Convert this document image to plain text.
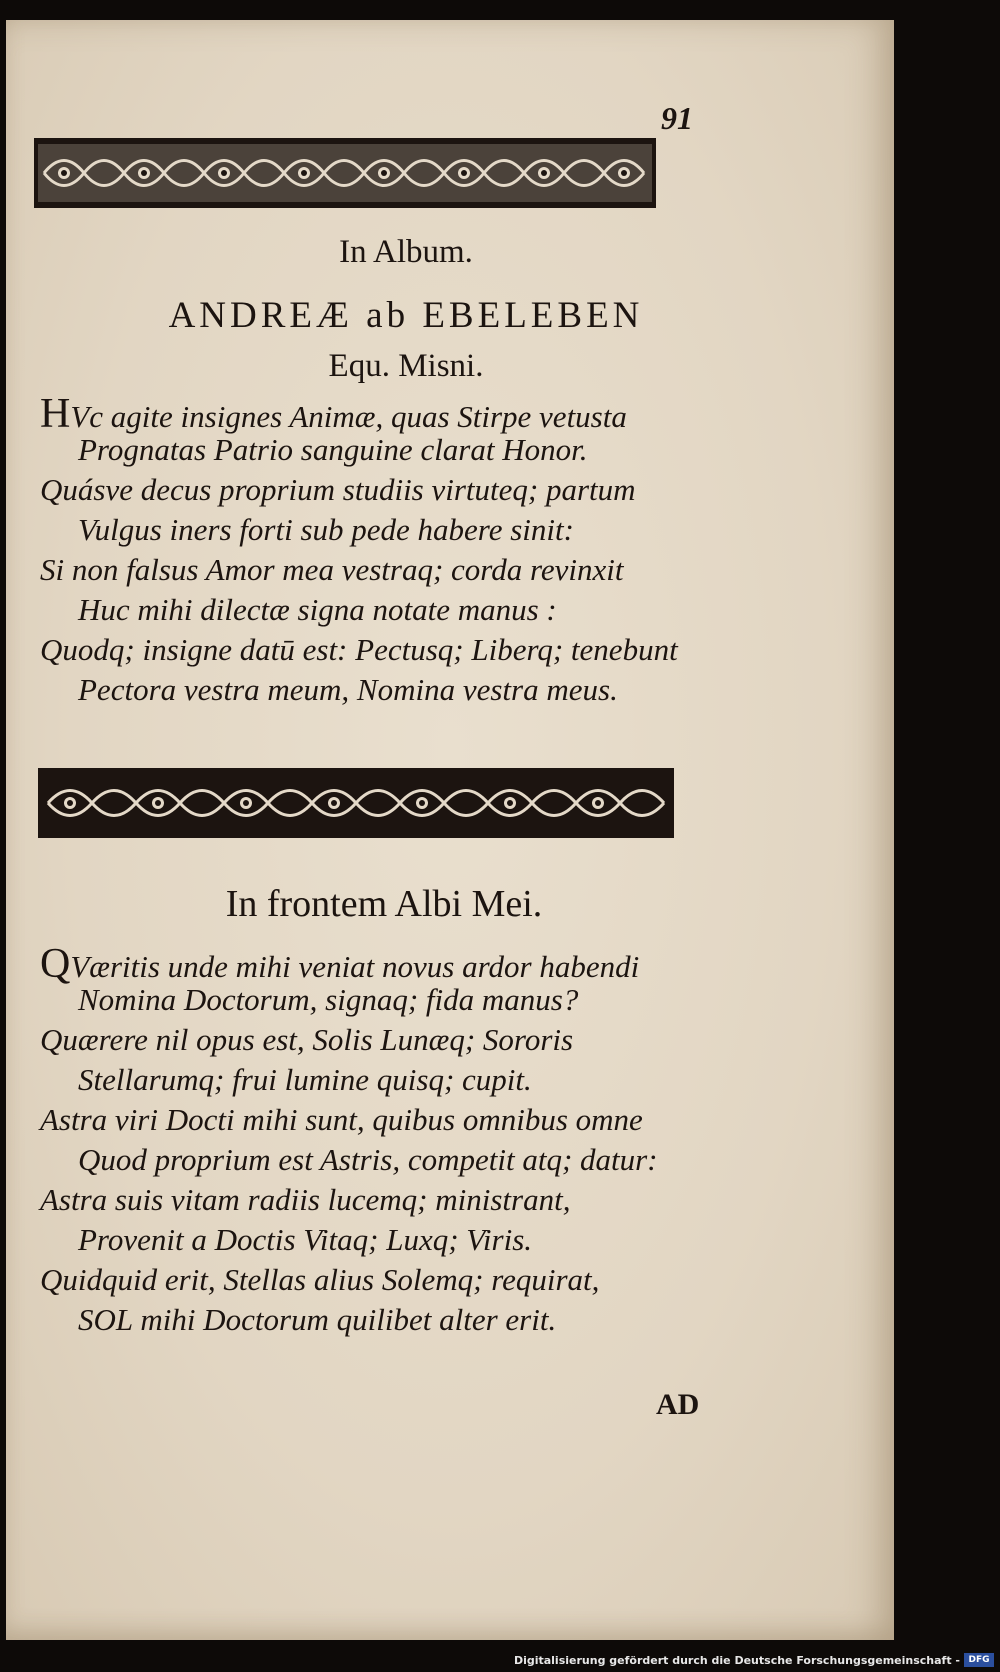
91
In Album.
ANDREÆ ab EBELEBEN
Equ. Misni.
HVc agite insignes Animæ, quas Stirpe vetusta
Prognatas Patrio sanguine clarat Honor.
Quásve decus proprium studiis virtuteq; partum
Vulgus iners forti sub pede habere sinit:
Si non falsus Amor mea vestraq; corda revinxit
Huc mihi dilectæ signa notate manus :
Quodq; insigne datū est: Pectusq; Liberq; tenebunt
Pectora vestra meum, Nomina vestra meus.
In frontem Albi Mei.
QVæritis unde mihi veniat novus ardor habendi
Nomina Doctorum, signaq; fida manus?
Quærere nil opus est, Solis Lunæq; Sororis
Stellarumq; frui lumine quisq; cupit.
Astra viri Docti mihi sunt, quibus omnibus omne
Quod proprium est Astris, competit atq; datur:
Astra suis vitam radiis lucemq; ministrant,
Provenit a Doctis Vitaq; Luxq; Viris.
Quidquid erit, Stellas alius Solemq; requirat,
SOL mihi Doctorum quilibet alter erit.
AD
Digitalisierung gefördert durch die Deutsche Forschungsgemeinschaft - DFG
